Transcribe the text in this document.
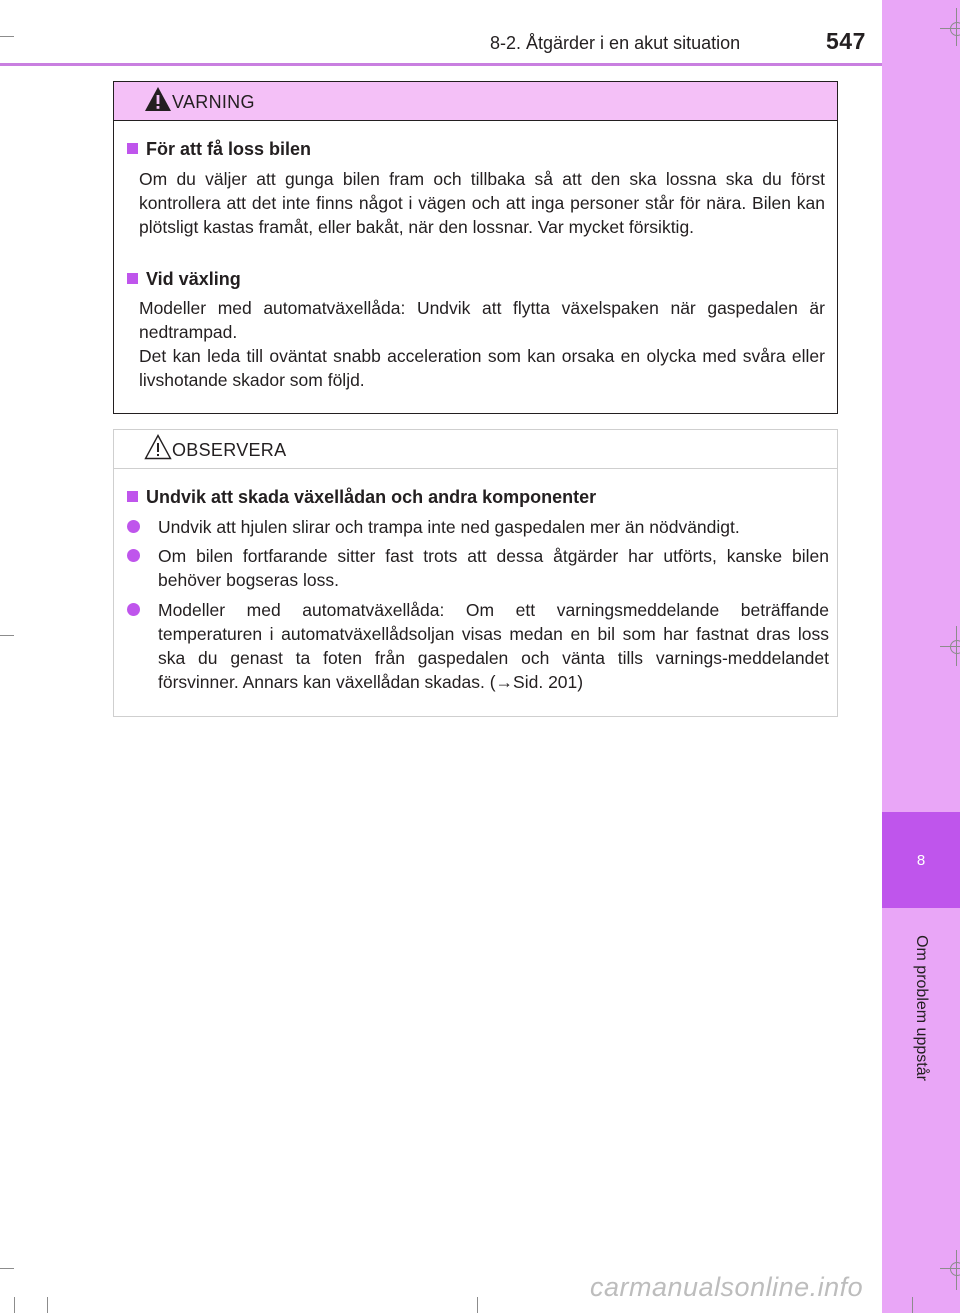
8
Om problem uppstår
8-2. Åtgärder i en akut situation	547
VARNING
För att få loss bilen
Om du väljer att gunga bilen fram och tillbaka så att den ska lossna ska du först kontrollera att det inte finns något i vägen och att inga personer står för nära. Bilen kan plötsligt kastas framåt, eller bakåt, när den lossnar. Var mycket försiktig.
Vid växling
Modeller med automatväxellåda: Undvik att flytta växelspaken när gaspedalen är nedtrampad.
Det kan leda till oväntat snabb acceleration som kan orsaka en olycka med svåra eller livshotande skador som följd.
OBSERVERA
Undvik att skada växellådan och andra komponenter
Undvik att hjulen slirar och trampa inte ned gaspedalen mer än nödvändigt.
Om bilen fortfarande sitter fast trots att dessa åtgärder har utförts, kanske bilen behöver bogseras loss.
Modeller med automatväxellåda: Om ett varningsmeddelande beträffande temperaturen i automatväxellådsoljan visas medan en bil som har fastnat dras loss ska du genast ta foten från gaspedalen och vänta tills varnings-meddelandet försvinner. Annars kan växellådan skadas. (→Sid. 201)
carmanualsonline.info
